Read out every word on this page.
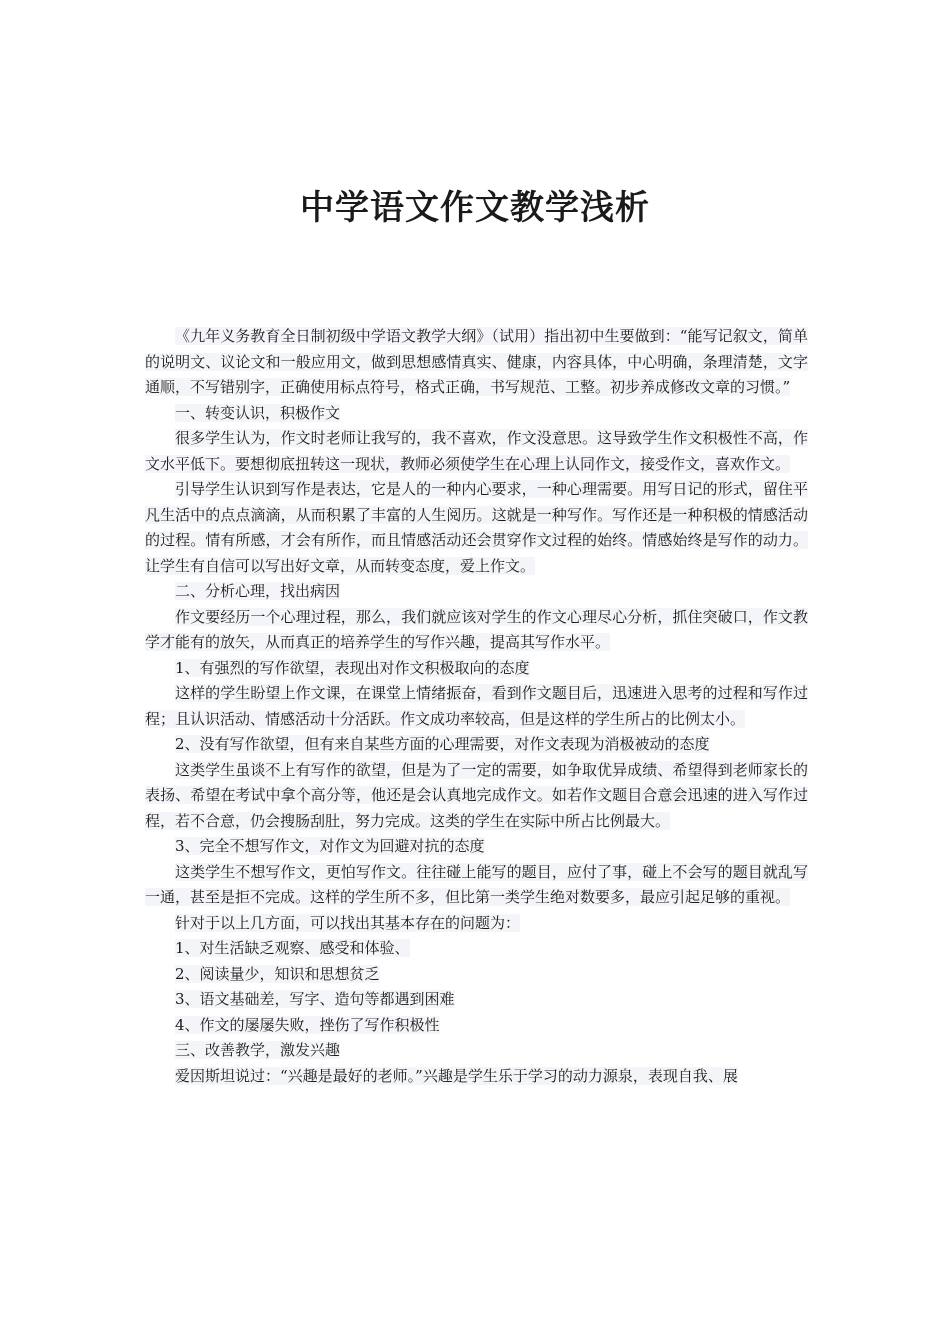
中学语文作文教学浅析

《九年义务教育全日制初级中学语文教学大纲》（试用）指出初中生要做到：“能写记叙文，简单的说明文、议论文和一般应用文，做到思想感情真实、健康，内容具体，中心明确，条理清楚，文字通顺，不写错别字，正确使用标点符号，格式正确，书写规范、工整。初步养成修改文章的习惯。”

一、转变认识，积极作文

很多学生认为，作文时老师让我写的，我不喜欢，作文没意思。这导致学生作文积极性不高，作文水平低下。要想彻底扭转这一现状，教师必须使学生在心理上认同作文，接受作文，喜欢作文。

引导学生认识到写作是表达，它是人的一种内心要求，一种心理需要。用写日记的形式，留住平凡生活中的点点滴滴，从而积累了丰富的人生阅历。这就是一种写作。写作还是一种积极的情感活动的过程。情有所感，才会有所作，而且情感活动还会贯穿作文过程的始终。情感始终是写作的动力。让学生有自信可以写出好文章，从而转变态度，爱上作文。

二、分析心理，找出病因

作文要经历一个心理过程，那么，我们就应该对学生的作文心理尽心分析，抓住突破口，作文教学才能有的放矢，从而真正的培养学生的写作兴趣，提高其写作水平。

1、有强烈的写作欲望，表现出对作文积极取向的态度

这样的学生盼望上作文课，在课堂上情绪振奋，看到作文题目后，迅速进入思考的过程和写作过程；且认识活动、情感活动十分活跃。作文成功率较高，但是这样的学生所占的比例太小。

2、没有写作欲望，但有来自某些方面的心理需要，对作文表现为消极被动的态度

这类学生虽谈不上有写作的欲望，但是为了一定的需要，如争取优异成绩、希望得到老师家长的表扬、希望在考试中拿个高分等，他还是会认真地完成作文。如若作文题目合意会迅速的进入写作过程，若不合意，仍会搜肠刮肚，努力完成。这类的学生在实际中所占比例最大。

3、完全不想写作文，对作文为回避对抗的态度

这类学生不想写作文，更怕写作文。往往碰上能写的题目，应付了事，碰上不会写的题目就乱写一通，甚至是拒不完成。这样的学生所不多，但比第一类学生绝对数要多，最应引起足够的重视。

针对于以上几方面，可以找出其基本存在的问题为：

1、对生活缺乏观察、感受和体验、

2、阅读量少，知识和思想贫乏

3、语文基础差，写字、造句等都遇到困难

4、作文的屡屡失败，挫伤了写作积极性

三、改善教学，激发兴趣

爱因斯坦说过：“兴趣是最好的老师。”兴趣是学生乐于学习的动力源泉，表现自我、展
